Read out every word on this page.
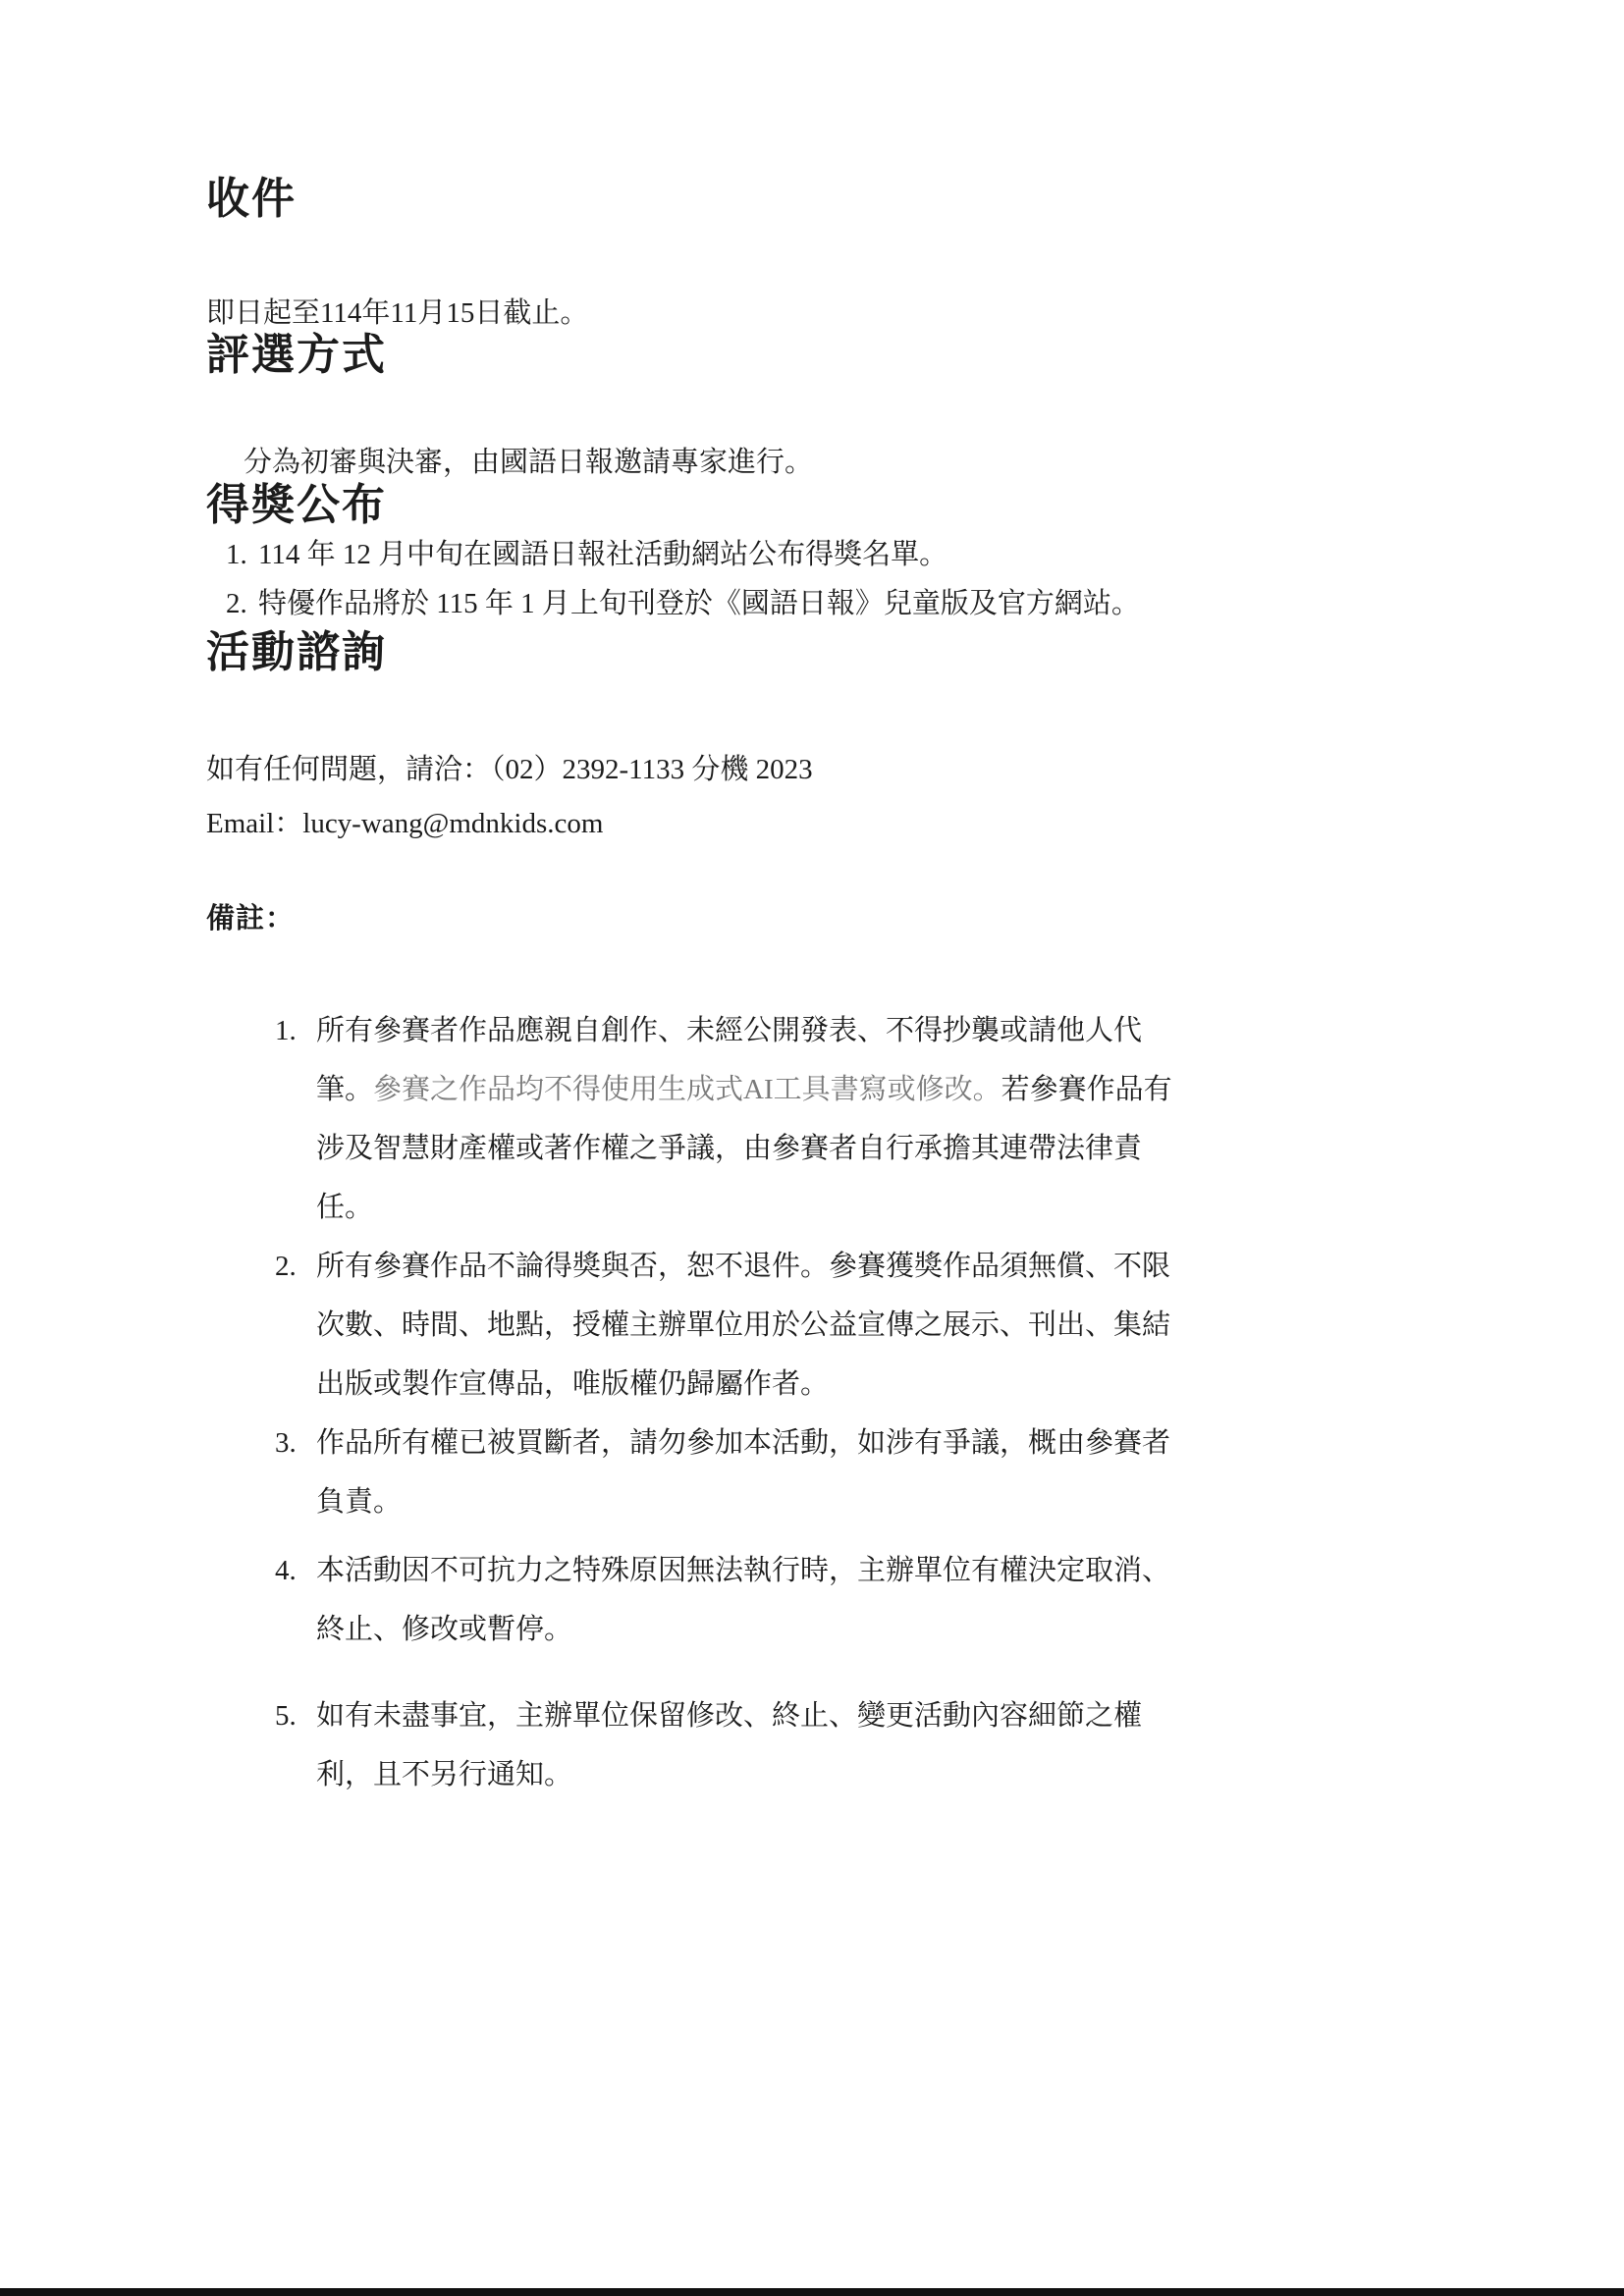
收件

即日起至114年11月15日截止。

評選方式

分為初審與決審，由國語日報邀請專家進行。

得獎公布
1. 114 年 12 月中旬在國語日報社活動網站公布得獎名單。
2. 特優作品將於 115 年 1 月上旬刊登於《國語日報》兒童版及官方網站。
活動諮詢

如有任何問題，請洽：（02）2392-1133 分機 2023
Email：lucy-wang@mdnkids.com

備註：

1. 所有參賽者作品應親自創作、未經公開發表、不得抄襲或請他人代
筆。參賽之作品均不得使用生成式AI工具書寫或修改。若參賽作品有
涉及智慧財產權或著作權之爭議，由參賽者自行承擔其連帶法律責
任。
2. 所有參賽作品不論得獎與否，恕不退件。參賽獲獎作品須無償、不限
次數、時間、地點，授權主辦單位用於公益宣傳之展示、刊出、集結
出版或製作宣傳品，唯版權仍歸屬作者。
3. 作品所有權已被買斷者，請勿參加本活動，如涉有爭議，概由參賽者
負責。
4. 本活動因不可抗力之特殊原因無法執行時，主辦單位有權決定取消、
終止、修改或暫停。
5. 如有未盡事宜，主辦單位保留修改、終止、變更活動內容細節之權
利，且不另行通知。
